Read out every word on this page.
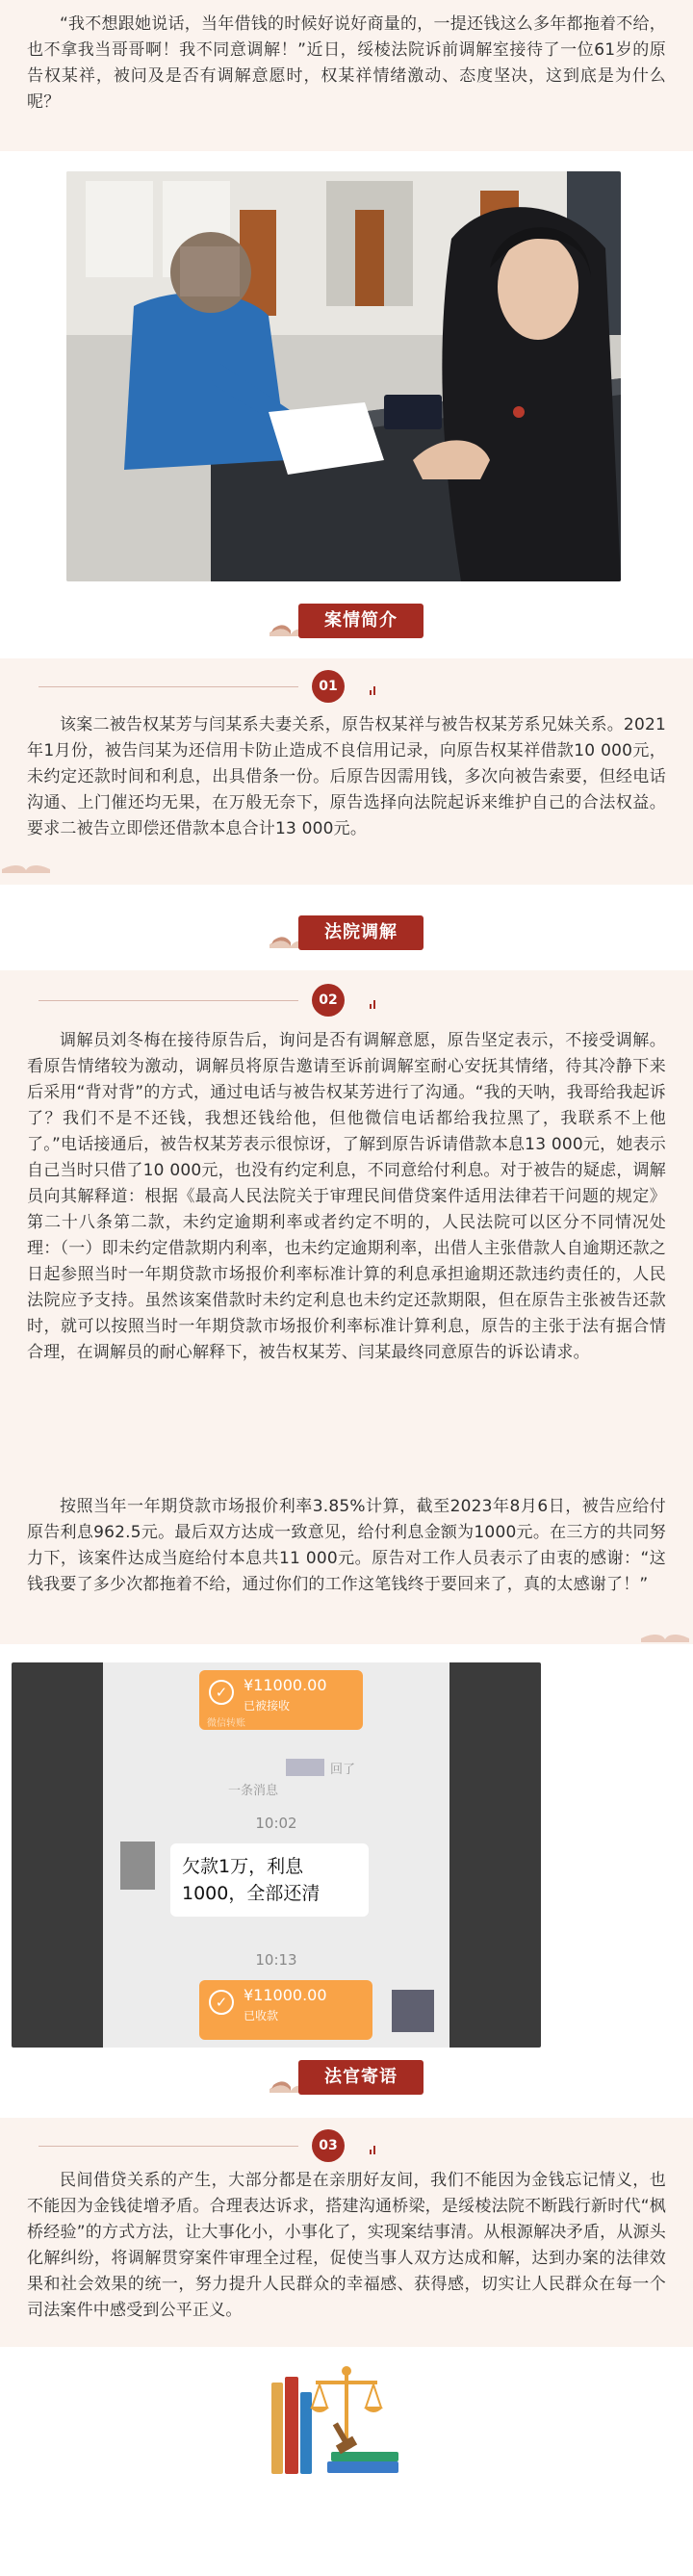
“我不想跟她说话，当年借钱的时候好说好商量的，一提还钱这么多年都拖着不给，也不拿我当哥哥啊！我不同意调解！”近日，绥棱法院诉前调解室接待了一位61岁的原告权某祥，被问及是否有调解意愿时，权某祥情绪激动、态度坚决，这到底是为什么呢？

案情简介
01

该案二被告权某芳与闫某系夫妻关系，原告权某祥与被告权某芳系兄妹关系。2021年1月份，被告闫某为还信用卡防止造成不良信用记录，向原告权某祥借款10 000元，未约定还款时间和利息，出具借条一份。后原告因需用钱，多次向被告索要，但经电话沟通、上门催还均无果，在万般无奈下，原告选择向法院起诉来维护自己的合法权益。要求二被告立即偿还借款本息合计13 000元。

法院调解
02

调解员刘冬梅在接待原告后，询问是否有调解意愿，原告坚定表示，不接受调解。看原告情绪较为激动，调解员将原告邀请至诉前调解室耐心安抚其情绪，待其冷静下来后采用“背对背”的方式，通过电话与被告权某芳进行了沟通。“我的天呐，我哥给我起诉了？我们不是不还钱，我想还钱给他，但他微信电话都给我拉黑了，我联系不上他了。”电话接通后，被告权某芳表示很惊讶，了解到原告诉请借款本息13 000元，她表示自己当时只借了10 000元，也没有约定利息，不同意给付利息。对于被告的疑虑，调解员向其解释道：根据《最高人民法院关于审理民间借贷案件适用法律若干问题的规定》第二十八条第二款，未约定逾期利率或者约定不明的，人民法院可以区分不同情况处理：（一）即未约定借款期内利率，也未约定逾期利率，出借人主张借款人自逾期还款之日起参照当时一年期贷款市场报价利率标准计算的利息承担逾期还款违约责任的，人民法院应予支持。虽然该案借款时未约定利息也未约定还款期限，但在原告主张被告还款时，就可以按照当时一年期贷款市场报价利率标准计算利息，原告的主张于法有据合情合理，在调解员的耐心解释下，被告权某芳、闫某最终同意原告的诉讼请求。

按照当年一年期贷款市场报价利率3.85%计算，截至2023年8月6日，被告应给付原告利息962.5元。最后双方达成一致意见，给付利息金额为1000元。在三方的共同努力下，该案件达成当庭给付本息共11 000元。原告对工作人员表示了由衷的感谢：“这钱我要了多少次都拖着不给，通过你们的工作这笔钱终于要回来了，真的太感谢了！”

✓	¥11000.00
已被接收
微信转账
一条消息
回了
10:02
欠款1万，利息1000，全部还清
10:13
✓	¥11000.00
已收款
法官寄语
03

民间借贷关系的产生，大部分都是在亲朋好友间，我们不能因为金钱忘记情义，也不能因为金钱徒增矛盾。合理表达诉求，搭建沟通桥梁，是绥棱法院不断践行新时代“枫桥经验”的方式方法，让大事化小，小事化了，实现案结事清。从根源解决矛盾，从源头化解纠纷，将调解贯穿案件审理全过程，促使当事人双方达成和解，达到办案的法律效果和社会效果的统一，努力提升人民群众的幸福感、获得感，切实让人民群众在每一个司法案件中感受到公平正义。
